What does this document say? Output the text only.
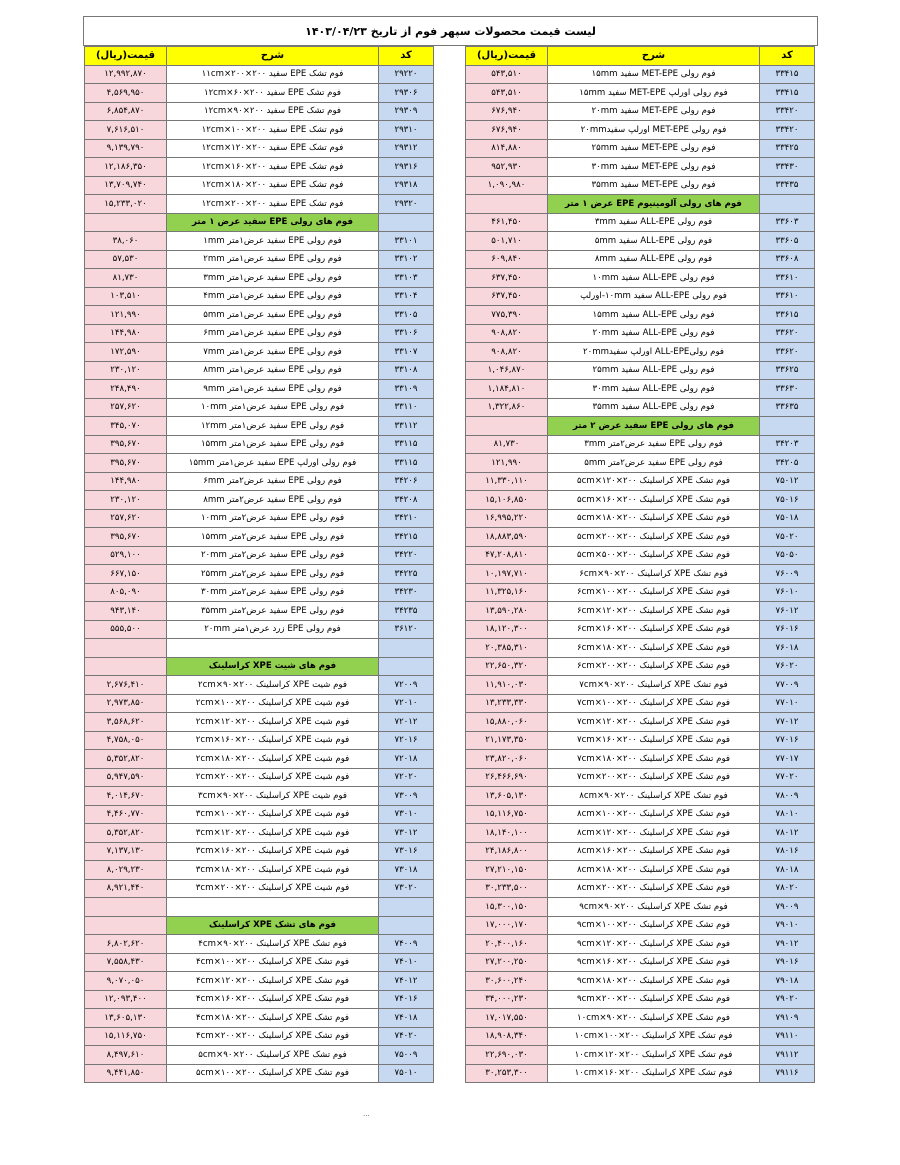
لیست قیمت محصولات سپهر فوم از تاریخ ۱۴۰۳/۰۴/۲۳
قیمت(ریال)	شرح	کد
۱۲,۹۹۲,۸۷۰	فوم تشک EPE سفید ۲۰۰×۲۰۰×۱۱cm	۲۹۲۲۰
۴,۵۶۹,۹۵۰	فوم تشک EPE سفید ۲۰۰×۶۰×۱۲cm	۲۹۳۰۶
۶,۸۵۴,۸۷۰	فوم تشک EPE سفید ۲۰۰×۹۰×۱۲cm	۲۹۳۰۹
۷,۶۱۶,۵۱۰	فوم تشک EPE سفید ۲۰۰×۱۰۰×۱۲cm	۲۹۳۱۰
۹,۱۳۹,۷۹۰	فوم تشک EPE سفید ۲۰۰×۱۲۰×۱۲cm	۲۹۳۱۲
۱۲,۱۸۶,۳۵۰	فوم تشک EPE سفید ۲۰۰×۱۶۰×۱۲cm	۲۹۳۱۶
۱۳,۷۰۹,۷۴۰	فوم تشک EPE سفید ۲۰۰×۱۸۰×۱۲cm	۲۹۳۱۸
۱۵,۲۳۳,۰۲۰	فوم تشک EPE سفید ۲۰۰×۲۰۰×۱۲cm	۲۹۳۲۰
	فوم های رولی EPE سفید عرض ۱ متر	
۳۸,۰۶۰	فوم رولی EPE سفید عرض۱متر ۱mm	۳۳۱۰۱
۵۷,۵۳۰	فوم رولی EPE سفید عرض۱متر ۲mm	۳۳۱۰۲
۸۱,۷۳۰	فوم رولی EPE سفید عرض۱متر ۳mm	۳۳۱۰۳
۱۰۳,۵۱۰	فوم رولی EPE سفید عرض۱متر ۴mm	۳۳۱۰۴
۱۲۱,۹۹۰	فوم رولی EPE سفید عرض۱متر ۵mm	۳۳۱۰۵
۱۴۴,۹۸۰	فوم رولی EPE سفید عرض۱متر ۶mm	۳۳۱۰۶
۱۷۲,۵۹۰	فوم رولی EPE سفید عرض۱متر ۷mm	۳۳۱۰۷
۲۳۰,۱۲۰	فوم رولی EPE سفید عرض۱متر ۸mm	۳۳۱۰۸
۲۴۸,۴۹۰	فوم رولی EPE سفید عرض۱متر ۹mm	۳۳۱۰۹
۲۵۷,۶۲۰	فوم رولی EPE سفید عرض۱متر ۱۰mm	۳۳۱۱۰
۳۴۵,۰۷۰	فوم رولی EPE سفید عرض۱متر ۱۲mm	۳۳۱۱۲
۳۹۵,۶۷۰	فوم رولی EPE سفید عرض۱متر ۱۵mm	۳۳۱۱۵
۳۹۵,۶۷۰	فوم رولی اورلپ EPE سفید عرض۱متر ۱۵mm	۳۳۱۱۵
۱۴۴,۹۸۰	فوم رولی EPE سفید عرض۲متر ۶mm	۳۴۲۰۶
۲۳۰,۱۲۰	فوم رولی EPE سفید عرض۲متر ۸mm	۳۴۲۰۸
۲۵۷,۶۲۰	فوم رولی EPE سفید عرض۲متر ۱۰mm	۳۴۲۱۰
۳۹۵,۶۷۰	فوم رولی EPE سفید عرض۲متر ۱۵mm	۳۴۲۱۵
۵۲۹,۱۰۰	فوم رولی EPE سفید عرض۲متر ۲۰mm	۳۴۲۲۰
۶۶۷,۱۵۰	فوم رولی EPE سفید عرض۲متر ۲۵mm	۳۴۲۲۵
۸۰۵,۰۹۰	فوم رولی EPE سفید عرض۲متر ۳۰mm	۳۴۲۳۰
۹۴۳,۱۴۰	فوم رولی EPE سفید عرض۲متر ۳۵mm	۳۴۲۳۵
۵۵۵,۵۰۰	فوم رولی EPE زرد عرض۱متر ۲۰mm	۳۶۱۲۰

	فوم های شیت XPE کراسلینک	
۲,۶۷۶,۴۱۰	فوم شیت XPE کراسلینک ۲۰۰×۹۰×۲cm	۷۲۰۰۹
۲,۹۷۳,۸۵۰	فوم شیت XPE کراسلینک ۲۰۰×۱۰۰×۲cm	۷۲۰۱۰
۳,۵۶۸,۶۲۰	فوم شیت XPE کراسلینک ۲۰۰×۱۲۰×۲cm	۷۲۰۱۲
۴,۷۵۸,۰۵۰	فوم شیت XPE کراسلینک ۲۰۰×۱۶۰×۲cm	۷۲۰۱۶
۵,۳۵۲,۸۲۰	فوم شیت XPE کراسلینک ۲۰۰×۱۸۰×۲cm	۷۲۰۱۸
۵,۹۴۷,۵۹۰	فوم شیت XPE کراسلینک ۲۰۰×۲۰۰×۲cm	۷۲۰۲۰
۴,۰۱۴,۶۷۰	فوم شیت XPE کراسلینک ۲۰۰×۹۰×۳cm	۷۳۰۰۹
۴,۴۶۰,۷۷۰	فوم شیت XPE کراسلینک ۲۰۰×۱۰۰×۳cm	۷۳۰۱۰
۵,۳۵۲,۸۲۰	فوم شیت XPE کراسلینک ۲۰۰×۱۲۰×۳cm	۷۳۰۱۲
۷,۱۳۷,۱۳۰	فوم شیت XPE کراسلینک ۲۰۰×۱۶۰×۳cm	۷۳۰۱۶
۸,۰۲۹,۲۳۰	فوم شیت XPE کراسلینک ۲۰۰×۱۸۰×۳cm	۷۳۰۱۸
۸,۹۲۱,۴۴۰	فوم شیت XPE کراسلینک ۲۰۰×۲۰۰×۳cm	۷۳۰۲۰

	فوم های تشک XPE کراسلینک	
۶,۸۰۲,۶۲۰	فوم تشک XPE کراسلینک ۲۰۰×۹۰×۴cm	۷۴۰۰۹
۷,۵۵۸,۴۳۰	فوم تشک XPE کراسلینک ۲۰۰×۱۰۰×۴cm	۷۴۰۱۰
۹,۰۷۰,۰۵۰	فوم تشک XPE کراسلینک ۲۰۰×۱۲۰×۴cm	۷۴۰۱۲
۱۲,۰۹۳,۴۰۰	فوم تشک XPE کراسلینک ۲۰۰×۱۶۰×۴cm	۷۴۰۱۶
۱۳,۶۰۵,۱۳۰	فوم تشک XPE کراسلینک ۲۰۰×۱۸۰×۴cm	۷۴۰۱۸
۱۵,۱۱۶,۷۵۰	فوم تشک XPE کراسلینک ۲۰۰×۲۰۰×۴cm	۷۴۰۲۰
۸,۴۹۷,۶۱۰	فوم تشک XPE کراسلینک ۲۰۰×۹۰×۵cm	۷۵۰۰۹
۹,۴۴۱,۸۵۰	فوم تشک XPE کراسلینک ۲۰۰×۱۰۰×۵cm	۷۵۰۱۰
قیمت(ریال)	شرح	کد
۵۴۳,۵۱۰	فوم رولی MET-EPE سفید ۱۵mm	۳۳۴۱۵
۵۴۳,۵۱۰	فوم رولی اورلپ MET-EPE سفید ۱۵mm	۳۳۴۱۵
۶۷۶,۹۴۰	فوم رولی MET-EPE سفید ۲۰mm	۳۳۴۲۰
۶۷۶,۹۴۰	فوم رولی MET-EPE اورلپ سفید۲۰mm	۳۳۴۲۰
۸۱۴,۸۸۰	فوم رولی MET-EPE سفید ۲۵mm	۳۳۴۲۵
۹۵۲,۹۳۰	فوم رولی MET-EPE سفید ۳۰mm	۳۳۴۳۰
۱,۰۹۰,۹۸۰	فوم رولی MET-EPE سفید ۳۵mm	۳۳۴۳۵
	فوم های رولی آلومینیوم EPE عرض ۱ متر	
۴۶۱,۴۵۰	فوم رولی ALL-EPE سفید ۳mm	۳۳۶۰۳
۵۰۱,۷۱۰	فوم رولی ALL-EPE سفید ۵mm	۳۳۶۰۵
۶۰۹,۸۴۰	فوم رولی ALL-EPE سفید ۸mm	۳۳۶۰۸
۶۳۷,۴۵۰	فوم رولی ALL-EPE سفید ۱۰mm	۳۳۶۱۰
۶۳۷,۴۵۰	فوم رولی ALL-EPE سفید ۱۰mm-اورلپ	۳۳۶۱۰
۷۷۵,۳۹۰	فوم رولی ALL-EPE سفید ۱۵mm	۳۳۶۱۵
۹۰۸,۸۲۰	فوم رولی ALL-EPE سفید ۲۰mm	۳۳۶۲۰
۹۰۸,۸۲۰	فوم رولیALL-EPE اورلپ سفید۲۰mm	۳۳۶۲۰
۱,۰۴۶,۸۷۰	فوم رولی ALL-EPE سفید ۲۵mm	۳۳۶۲۵
۱,۱۸۴,۸۱۰	فوم رولی ALL-EPE سفید ۳۰mm	۳۳۶۳۰
۱,۳۲۲,۸۶۰	فوم رولی ALL-EPE سفید ۳۵mm	۳۳۶۳۵
	فوم های رولی EPE سفید عرض ۲ متر	
۸۱,۷۳۰	فوم رولی EPE سفید عرض۲متر ۳mm	۳۴۲۰۳
۱۲۱,۹۹۰	فوم رولی EPE سفید عرض۲متر ۵mm	۳۴۲۰۵
۱۱,۳۳۰,۱۱۰	فوم تشک XPE کراسلینک ۲۰۰×۱۲۰×۵cm	۷۵۰۱۲
۱۵,۱۰۶,۸۵۰	فوم تشک XPE کراسلینک ۲۰۰×۱۶۰×۵cm	۷۵۰۱۶
۱۶,۹۹۵,۲۲۰	فوم تشک XPE کراسلینک ۲۰۰×۱۸۰×۵cm	۷۵۰۱۸
۱۸,۸۸۳,۵۹۰	فوم تشک XPE کراسلینک ۲۰۰×۲۰۰×۵cm	۷۵۰۲۰
۴۷,۲۰۸,۸۱۰	فوم تشک XPE کراسلینک ۲۰۰×۵۰۰×۵cm	۷۵۰۵۰
۱۰,۱۹۷,۷۱۰	فوم تشک XPE کراسلینک ۲۰۰×۹۰×۶cm	۷۶۰۰۹
۱۱,۳۲۵,۱۶۰	فوم تشک XPE کراسلینک ۲۰۰×۱۰۰×۶cm	۷۶۰۱۰
۱۳,۵۹۰,۲۸۰	فوم تشک XPE کراسلینک ۲۰۰×۱۲۰×۶cm	۷۶۰۱۲
۱۸,۱۲۰,۳۰۰	فوم تشک XPE کراسلینک ۲۰۰×۱۶۰×۶cm	۷۶۰۱۶
۲۰,۳۸۵,۳۱۰	فوم تشک XPE کراسلینک ۲۰۰×۱۸۰×۶cm	۷۶۰۱۸
۲۲,۶۵۰,۳۲۰	فوم تشک XPE کراسلینک ۲۰۰×۲۰۰×۶cm	۷۶۰۲۰
۱۱,۹۱۰,۰۳۰	فوم تشک XPE کراسلینک ۲۰۰×۹۰×۷cm	۷۷۰۰۹
۱۳,۲۳۳,۳۳۰	فوم تشک XPE کراسلینک ۲۰۰×۱۰۰×۷cm	۷۷۰۱۰
۱۵,۸۸۰,۰۶۰	فوم تشک XPE کراسلینک ۲۰۰×۱۲۰×۷cm	۷۷۰۱۲
۲۱,۱۷۳,۳۵۰	فوم تشک XPE کراسلینک ۲۰۰×۱۶۰×۷cm	۷۷۰۱۶
۲۳,۸۲۰,۰۶۰	فوم تشک XPE کراسلینک ۲۰۰×۱۸۰×۷cm	۷۷۰۱۷
۲۶,۴۶۶,۶۹۰	فوم تشک XPE کراسلینک ۲۰۰×۲۰۰×۷cm	۷۷۰۲۰
۱۳,۶۰۵,۱۳۰	فوم تشک XPE کراسلینک ۲۰۰×۹۰×۸cm	۷۸۰۰۹
۱۵,۱۱۶,۷۵۰	فوم تشک XPE کراسلینک ۲۰۰×۱۰۰×۸cm	۷۸۰۱۰
۱۸,۱۴۰,۱۰۰	فوم تشک XPE کراسلینک ۲۰۰×۱۲۰×۸cm	۷۸۰۱۲
۲۴,۱۸۶,۸۰۰	فوم تشک XPE کراسلینک ۲۰۰×۱۶۰×۸cm	۷۸۰۱۶
۲۷,۲۱۰,۱۵۰	فوم تشک XPE کراسلینک ۲۰۰×۱۸۰×۸cm	۷۸۰۱۸
۳۰,۲۳۳,۵۰۰	فوم تشک XPE کراسلینک ۲۰۰×۲۰۰×۸cm	۷۸۰۲۰
۱۵,۳۰۰,۱۵۰	فوم تشک XPE کراسلینک ۲۰۰×۹۰×۹cm	۷۹۰۰۹
۱۷,۰۰۰,۱۷۰	فوم تشک XPE کراسلینک ۲۰۰×۱۰۰×۹cm	۷۹۰۱۰
۲۰,۴۰۰,۱۶۰	فوم تشک XPE کراسلینک ۲۰۰×۱۲۰×۹cm	۷۹۰۱۲
۲۷,۲۰۰,۲۵۰	فوم تشک XPE کراسلینک ۲۰۰×۱۶۰×۹cm	۷۹۰۱۶
۳۰,۶۰۰,۲۴۰	فوم تشک XPE کراسلینک ۲۰۰×۱۸۰×۹cm	۷۹۰۱۸
۳۴,۰۰۰,۲۳۰	فوم تشک XPE کراسلینک ۲۰۰×۲۰۰×۹cm	۷۹۰۲۰
۱۷,۰۱۷,۵۵۰	فوم تشک XPE کراسلینک ۲۰۰×۹۰×۱۰cm	۷۹۱۰۹
۱۸,۹۰۸,۳۴۰	فوم تشک XPE کراسلینک ۲۰۰×۱۰۰×۱۰cm	۷۹۱۱۰
۲۲,۶۹۰,۰۳۰	فوم تشک XPE کراسلینک ۲۰۰×۱۲۰×۱۰cm	۷۹۱۱۲
۳۰,۲۵۳,۳۰۰	فوم تشک XPE کراسلینک ۲۰۰×۱۶۰×۱۰cm	۷۹۱۱۶
...
